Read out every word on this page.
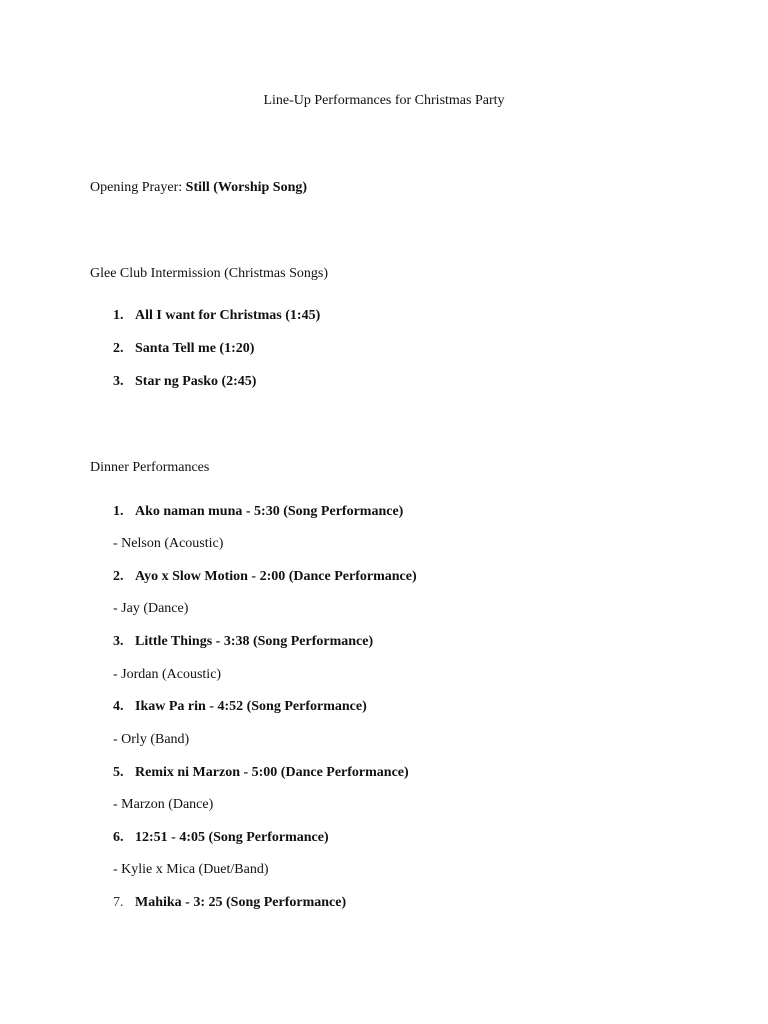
Line-Up Performances for Christmas Party
Opening Prayer: Still (Worship Song)
Glee Club Intermission (Christmas Songs)
1. All I want for Christmas (1:45)
2. Santa Tell me (1:20)
3. Star ng Pasko (2:45)
Dinner Performances
1. Ako naman muna - 5:30 (Song Performance)
- Nelson (Acoustic)
2. Ayo x Slow Motion - 2:00 (Dance Performance)
- Jay (Dance)
3. Little Things - 3:38 (Song Performance)
- Jordan (Acoustic)
4. Ikaw Pa rin - 4:52 (Song Performance)
- Orly (Band)
5. Remix ni Marzon - 5:00 (Dance Performance)
- Marzon (Dance)
6. 12:51 - 4:05 (Song Performance)
- Kylie x Mica (Duet/Band)
7. Mahika - 3: 25 (Song Performance)
